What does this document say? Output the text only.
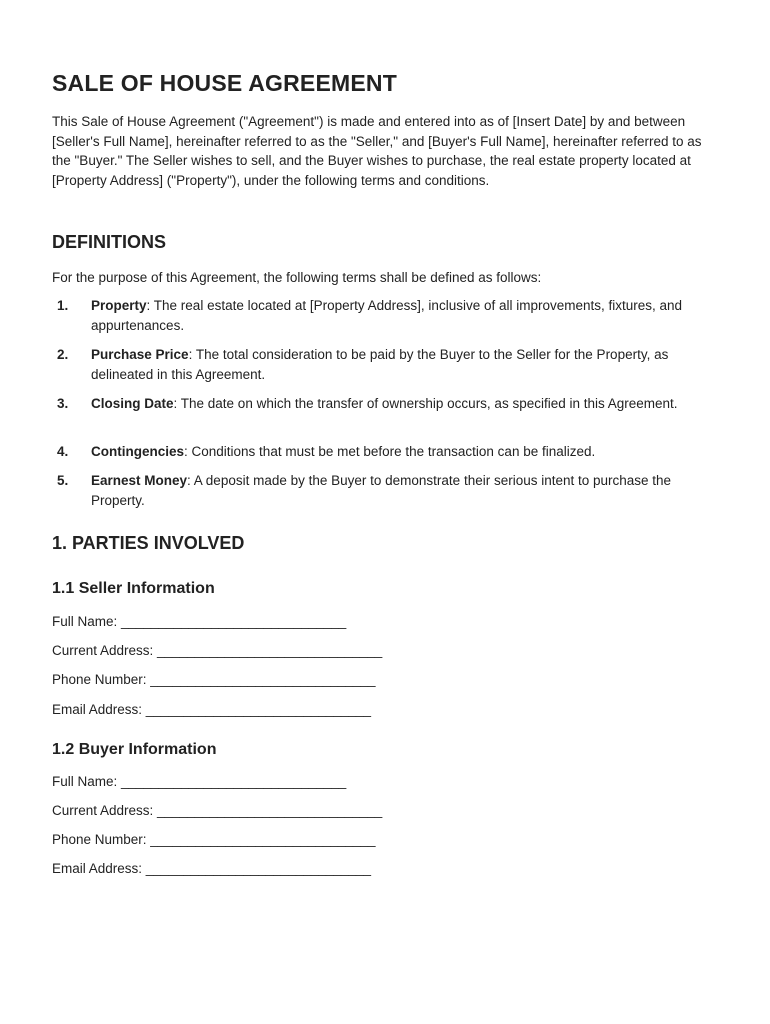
SALE OF HOUSE AGREEMENT

This Sale of House Agreement ("Agreement") is made and entered into as of [Insert Date] by and between [Seller's Full Name], hereinafter referred to as the "Seller," and [Buyer's Full Name], hereinafter referred to as the "Buyer." The Seller wishes to sell, and the Buyer wishes to purchase, the real estate property located at [Property Address] ("Property"), under the following terms and conditions.

DEFINITIONS

For the purpose of this Agreement, the following terms shall be defined as follows:

1. Property: The real estate located at [Property Address], inclusive of all improvements, fixtures, and appurtenances.
2. Purchase Price: The total consideration to be paid by the Buyer to the Seller for the Property, as delineated in this Agreement.
3. Closing Date: The date on which the transfer of ownership occurs, as specified in this Agreement.
4. Contingencies: Conditions that must be met before the transaction can be finalized.
5. Earnest Money: A deposit made by the Buyer to demonstrate their serious intent to purchase the Property.
1. PARTIES INVOLVED
1.1 Seller Information

Full Name: ______________________________

Current Address: ______________________________

Phone Number: ______________________________

Email Address: ______________________________

1.2 Buyer Information

Full Name: ______________________________

Current Address: ______________________________

Phone Number: ______________________________

Email Address: ______________________________
